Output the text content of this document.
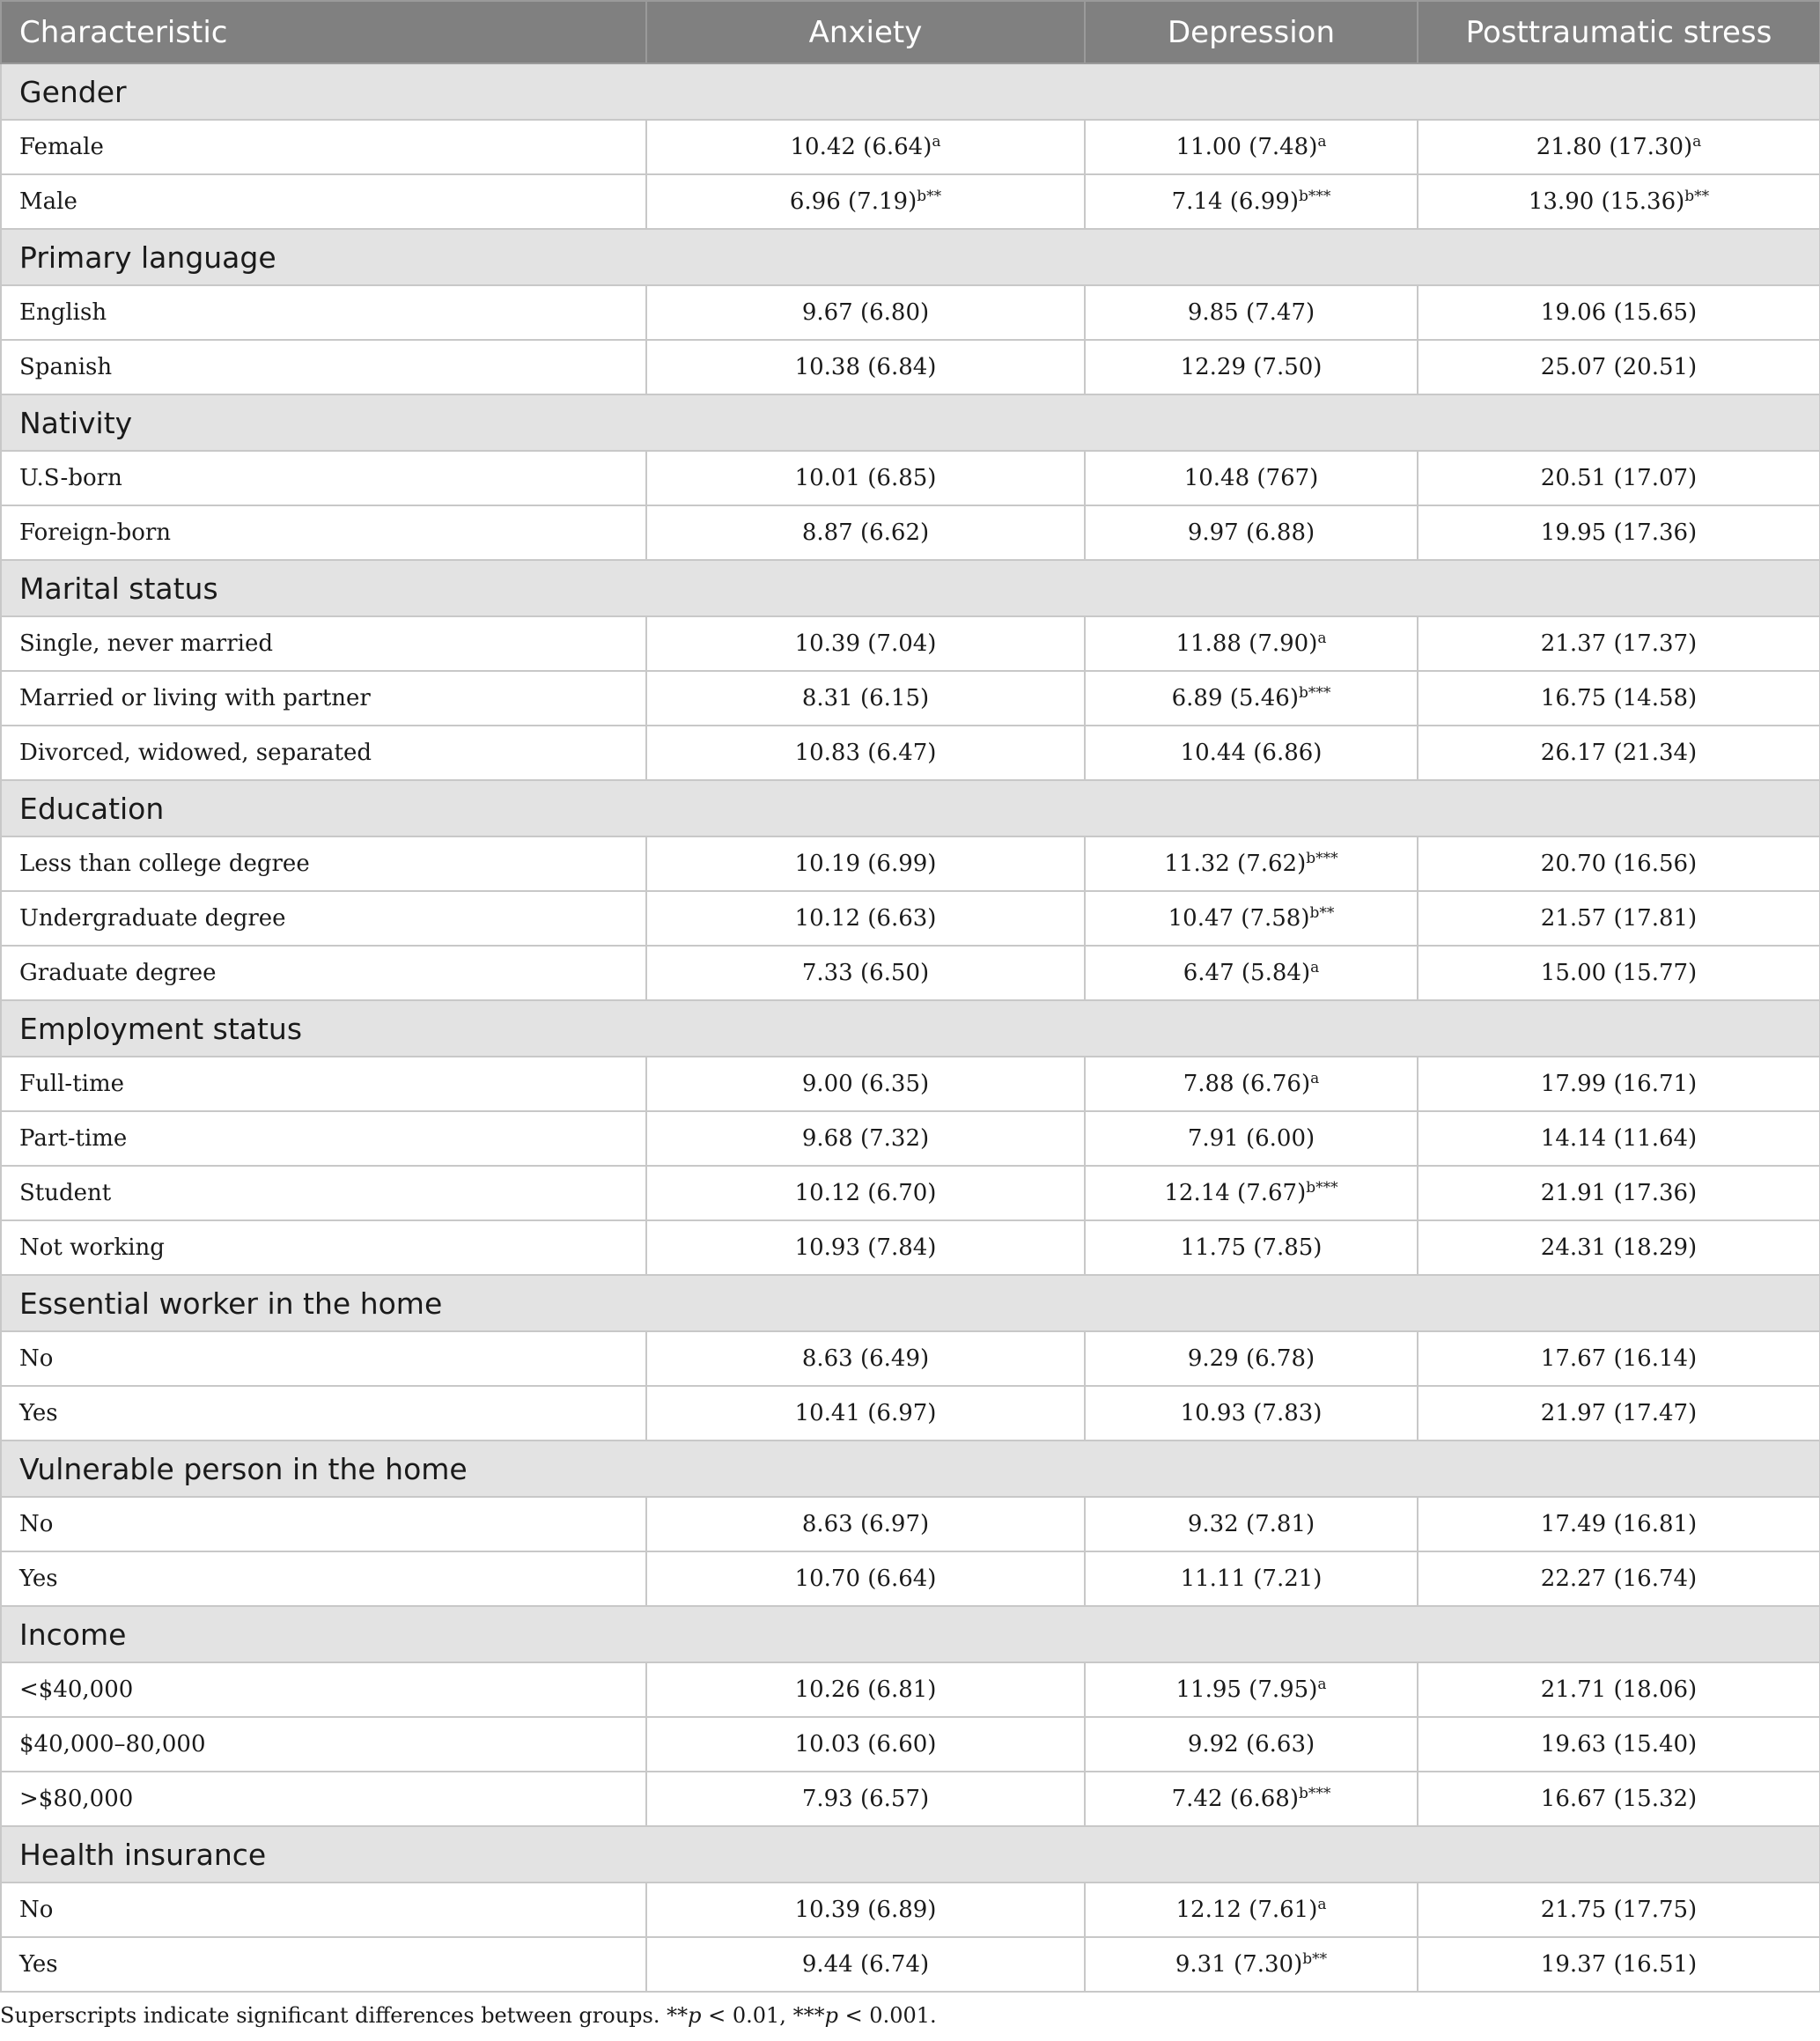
Characteristic	Anxiety	Depression	Posttraumatic stress
Gender			
Female	10.42 $(6.64)^a$	11.00 $(7.48)^a$	21.80 $(17.30)^a$
Male	6.96 $(7.19)^{b**}$	7.14 $(6.99)^{b***}$	13.90 $(15.36)^{b**}$
Primary language			
English	9.67 (6.80)	9.85 (7.47)	19.06 (15.65)
Spanish	10.38 (6.84)	12.29 (7.50)	25.07 (20.51)
Nativity			
U.S-born	10.01 (6.85)	10.48 (767)	20.51 (17.07)
Foreign-born	8.87 (6.62)	9.97 (6.88)	19.95 (17.36)
Marital status			
Single, never married	10.39 (7.04)	11.88 $(7.90)^a$	21.37 (17.37)
Married or living with partner	8.31 (6.15)	6.89 $(5.46)^{b***}$	16.75 (14.58)
Divorced, widowed, separated	10.83 (6.47)	10.44 (6.86)	26.17 (21.34)
Education			
Less than college degree	10.19 (6.99)	11.32 $(7.62)^{b***}$	20.70 (16.56)
Undergraduate degree	10.12 (6.63)	10.47 $(7.58)^{b**}$	21.57 (17.81)
Graduate degree	7.33 (6.50)	6.47 $(5.84)^a$	15.00 (15.77)
Employment status			
Full-time	9.00 (6.35)	7.88 $(6.76)^a$	17.99 (16.71)
Part-time	9.68 (7.32)	7.91 (6.00)	14.14 (11.64)
Student	10.12 (6.70)	12.14 $(7.67)^{b***}$	21.91 (17.36)
Not working	10.93 (7.84)	11.75 (7.85)	24.31 (18.29)
Essential worker in the home			
No	8.63 (6.49)	9.29 (6.78)	17.67 (16.14)
Yes	10.41 (6.97)	10.93 (7.83)	21.97 (17.47)
Vulnerable person in the home			
No	8.63 (6.97)	9.32 (7.81)	17.49 (16.81)
Yes	10.70 (6.64)	11.11 (7.21)	22.27 (16.74)
Income			
<$40,000	10.26 (6.81)	11.95 $(7.95)^a$	21.71 (18.06)
$40,000–80,000	10.03 (6.60)	9.92 (6.63)	19.63 (15.40)
>$80,000	7.93 (6.57)	7.42 $(6.68)^{b***}$	16.67 (15.32)
Health insurance			
No	10.39 (6.89)	12.12 $(7.61)^a$	21.75 (17.75)
Yes	9.44 (6.74)	9.31 $(7.30)^{b**}$	19.37 (16.51)
Superscripts indicate significant differences between groups. **p < 0.01, ***p < 0.001.
